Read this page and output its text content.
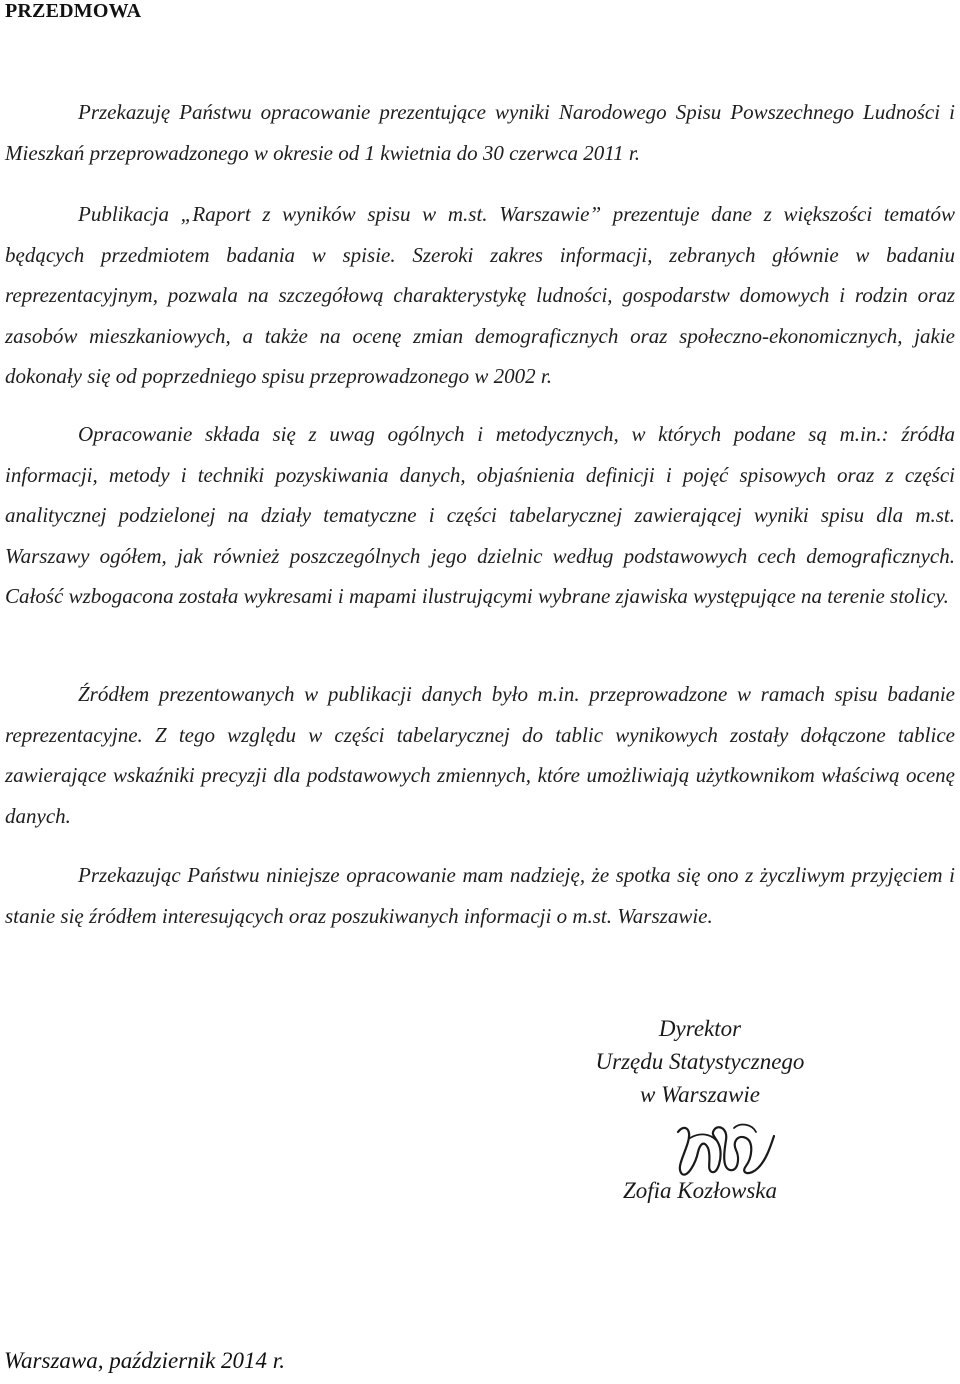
PRZEDMOWA

Przekazuję Państwu opracowanie prezentujące wyniki Narodowego Spisu Powszechnego Ludności i Mieszkań przeprowadzonego w okresie od 1 kwietnia do 30 czerwca 2011 r.

Publikacja „Raport z wyników spisu w m.st. Warszawie” prezentuje dane z większości tematów będących przedmiotem badania w spisie. Szeroki zakres informacji, zebranych głównie w badaniu reprezentacyjnym, pozwala na szczegółową charakterystykę ludności, gospodarstw domowych i rodzin oraz zasobów mieszkaniowych, a także na ocenę zmian demograficznych oraz społeczno-ekonomicznych, jakie dokonały się od poprzedniego spisu przeprowadzonego w 2002 r.

Opracowanie składa się z uwag ogólnych i metodycznych, w których podane są m.in.: źródła informacji, metody i techniki pozyskiwania danych, objaśnienia definicji i pojęć spisowych oraz z części analitycznej podzielonej na działy tematyczne i części tabelarycznej zawierającej wyniki spisu dla m.st. Warszawy ogółem, jak również poszczególnych jego dzielnic według podstawowych cech demograficznych. Całość wzbogacona została wykresami i mapami ilustrującymi wybrane zjawiska występujące na terenie stolicy.

Źródłem prezentowanych w publikacji danych było m.in. przeprowadzone w ramach spisu badanie reprezentacyjne. Z tego względu w części tabelarycznej do tablic wynikowych zostały dołączone tablice zawierające wskaźniki precyzji dla podstawowych zmiennych, które umożliwiają użytkownikom właściwą ocenę danych.

Przekazując Państwu niniejsze opracowanie mam nadzieję, że spotka się ono z życzliwym przyjęciem i stanie się źródłem interesujących oraz poszukiwanych informacji o m.st. Warszawie.

Dyrektor
Urzędu Statystycznego
w Warszawie
Zofia Kozłowska
Warszawa, październik 2014 r.
